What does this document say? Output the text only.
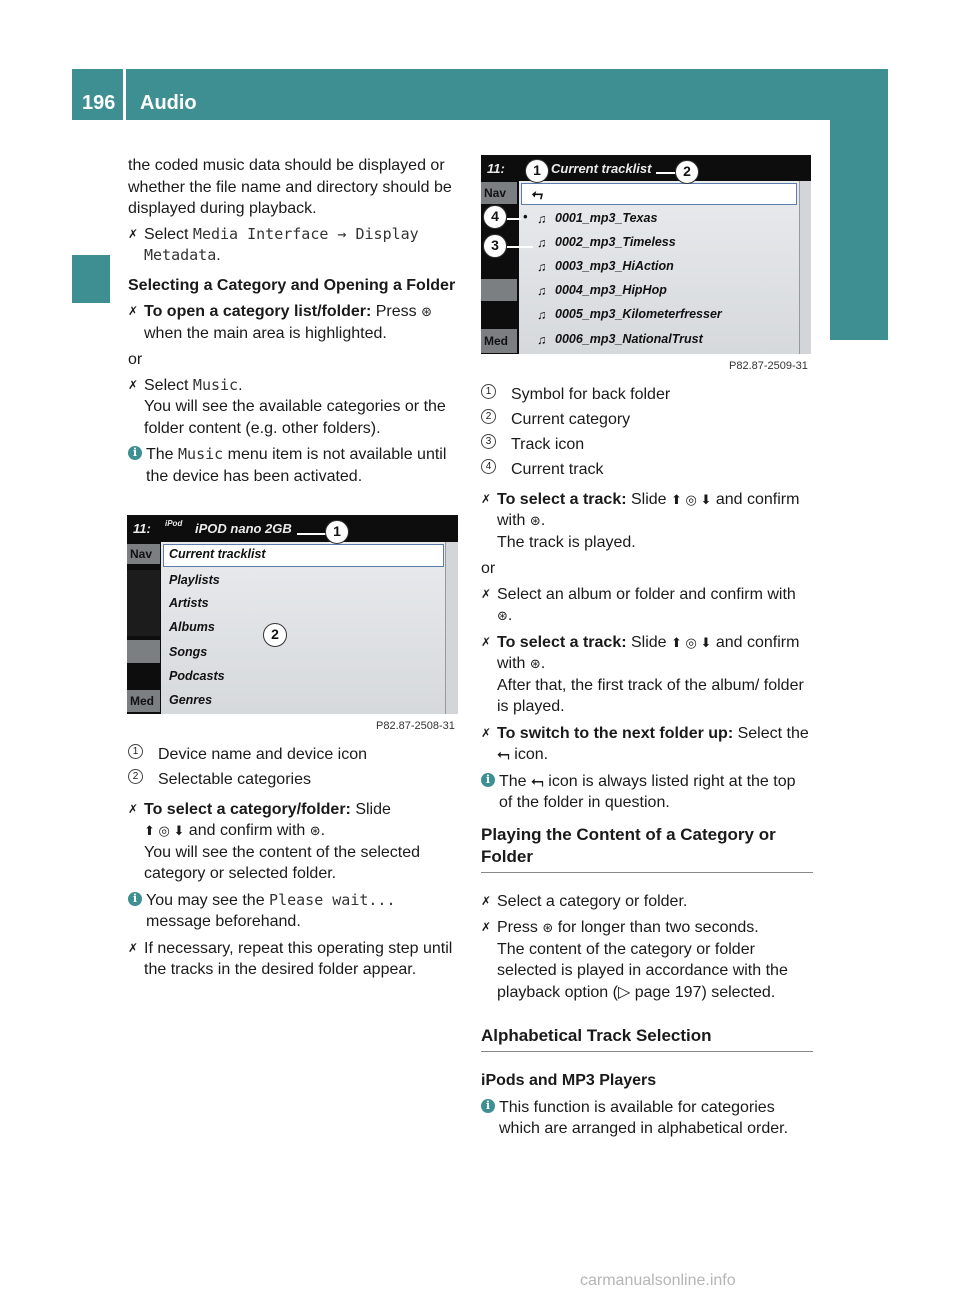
196 Audio
COMAND APS
the coded music data should be displayed or whether the file name and directory should be displayed during playback.
✗ Select Media Interface → Display Metadata.
Selecting a Category and Opening a Folder
✗ To open a category list/folder: Press ⊛ when the main area is highlighted.
or
✗ Select Music.
You will see the available categories or the folder content (e.g. other folders).
i The Music menu item is not available until the device has been activated.
11: iPod iPOD nano 2GB
Nav
Med
Current tracklist
Playlists
Artists
Albums
Songs
Podcasts
Genres
1
2
P82.87-2508-31
1 Device name and device icon
2 Selectable categories
✗ To select a category/folder: Slide
⬆ ◎ ⬇ and confirm with ⊛.
You will see the content of the selected category or selected folder.
i You may see the Please wait...
message beforehand.
✗ If necessary, repeat this operating step until the tracks in the desired folder appear.
11:	Current tracklist
Nav
Med
⮢
• ♫ 0001_mp3_Texas
♫ 0002_mp3_Timeless
♫ 0003_mp3_HiAction
♫ 0004_mp3_HipHop
♫ 0005_mp3_Kilometerfresser
♫ 0006_mp3_NationalTrust
1	2
4
3
P82.87-2509-31
1 Symbol for back folder
2 Current category
3 Track icon
4 Current track
✗ To select a track: Slide ⬆ ◎ ⬇ and confirm with ⊛.
The track is played.
or
✗ Select an album or folder and confirm with ⊛.
✗ To select a track: Slide ⬆ ◎ ⬇ and confirm with ⊛.
After that, the first track of the album/ folder is played.
✗ To switch to the next folder up: Select the ⮢ icon.
i The ⮢ icon is always listed right at the top of the folder in question.
Playing the Content of a Category or Folder
✗ Select a category or folder.
✗ Press ⊛ for longer than two seconds.
The content of the category or folder selected is played in accordance with the playback option (▷ page 197) selected.
Alphabetical Track Selection
iPods and MP3 Players
i This function is available for categories which are arranged in alphabetical order.
carmanualsonline.info
